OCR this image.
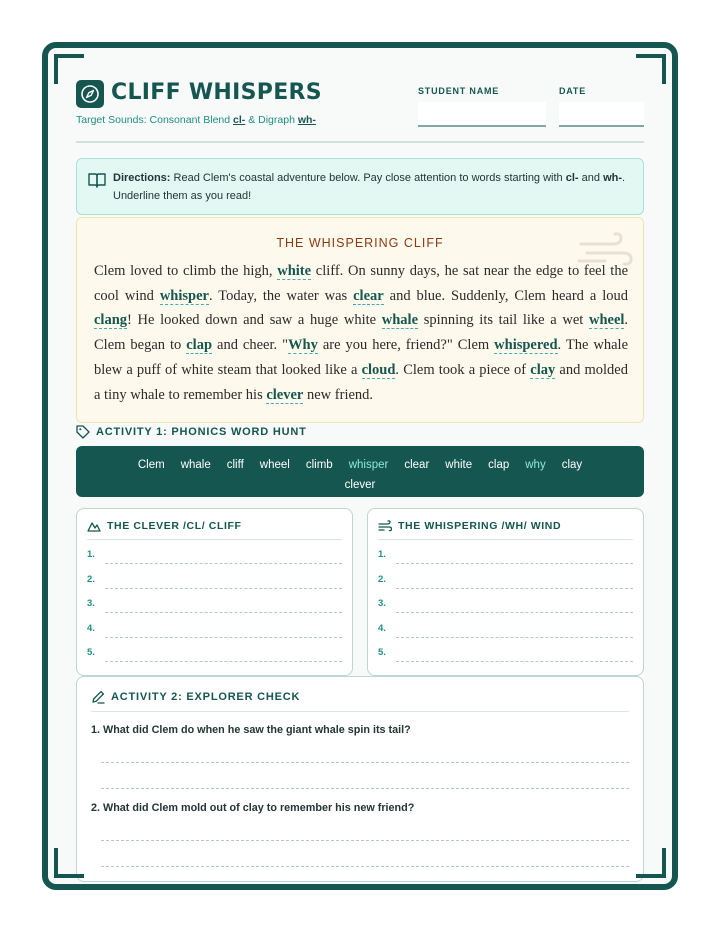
CLIFF WHISPERS
Target Sounds: Consonant Blend cl- & Digraph wh-
STUDENT NAME	DATE
Directions: Read Clem's coastal adventure below. Pay close attention to words starting with cl- and wh-. Underline them as you read!
THE WHISPERING CLIFF
Clem loved to climb the high, white cliff. On sunny days, he sat near the edge to feel the cool wind whisper. Today, the water was clear and blue. Suddenly, Clem heard a loud clang! He looked down and saw a huge white whale spinning its tail like a wet wheel. Clem began to clap and cheer. "Why are you here, friend?" Clem whispered. The whale blew a puff of white steam that looked like a cloud. Clem took a piece of clay and molded a tiny whale to remember his clever new friend.
ACTIVITY 1: PHONICS WORD HUNT
Clem whale cliff wheel climb whisper clear white clap why clay
clever
THE CLEVER /CL/ CLIFF
1.
2.
3.
4.
5.
THE WHISPERING /WH/ WIND
1.
2.
3.
4.
5.
ACTIVITY 2: EXPLORER CHECK
1. What did Clem do when he saw the giant whale spin its tail?
2. What did Clem mold out of clay to remember his new friend?
